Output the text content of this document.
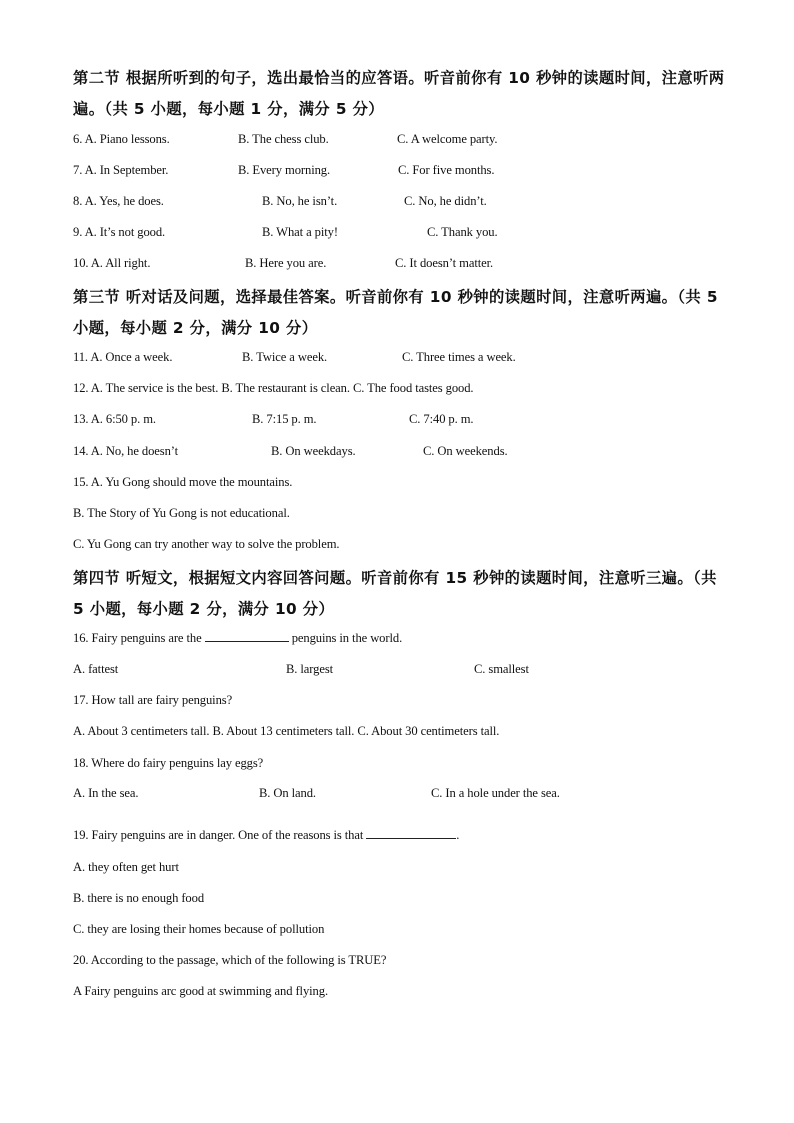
第二节 根据所听到的句子，选出最恰当的应答语。听音前你有 10 秒钟的读题时间，注意听两
遍。（共 5 小题，每小题 1 分，满分 5 分）
6. A. Piano lessons.	B. The chess club.	C. A welcome party.
7. A. In September.	B. Every morning.	C. For five months.
8. A. Yes, he does.	B. No, he isn’t.	C. No, he didn’t.
9. A. It’s not good.	B. What a pity!	C. Thank you.
10. A. All right.	B. Here you are.	C. It doesn’t matter.
第三节 听对话及问题，选择最佳答案。听音前你有 10 秒钟的读题时间，注意听两遍。（共 5
小题，每小题 2 分，满分 10 分）
11. A. Once a week.	B. Twice a week.	C. Three times a week.
12. A. The service is the best. B. The restaurant is clean. C. The food tastes good.
13. A. 6:50 p. m.	B. 7:15 p. m.	C. 7:40 p. m.
14. A. No, he doesn’t	B. On weekdays.	C. On weekends.
15. A. Yu Gong should move the mountains.
B. The Story of Yu Gong is not educational.
C. Yu Gong can try another way to solve the problem.
第四节 听短文，根据短文内容回答问题。听音前你有 15 秒钟的读题时间，注意听三遍。（共
5 小题，每小题 2 分，满分 10 分）
16. Fairy penguins are the	penguins in the world.
A. fattest	B. largest	C. smallest
17. How tall are fairy penguins?
A. About 3 centimeters tall. B. About 13 centimeters tall. C. About 30 centimeters tall.
18. Where do fairy penguins lay eggs?
A. In the sea.	B. On land.	C. In a hole under the sea.
19. Fairy penguins are in danger. One of the reasons is that	.
A. they often get hurt
B. there is no enough food
C. they are losing their homes because of pollution
20. According to the passage, which of the following is TRUE?
A Fairy penguins arc good at swimming and flying.
